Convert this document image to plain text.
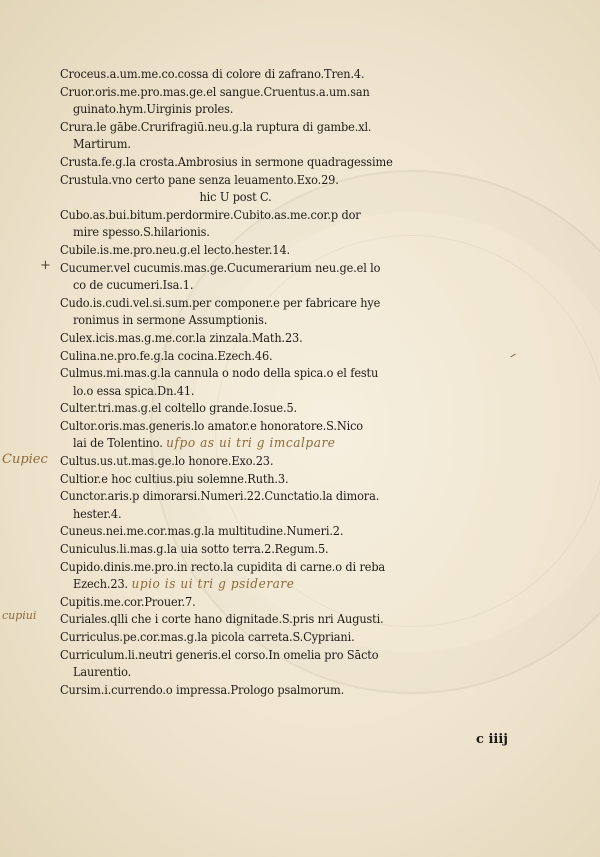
+
Cupiec
cupiui
Croceus.a.um.me.co.cossa di colore di zafrano.Tren.4.
Cruor.oris.me.pro.mas.ge.el sangue.Cruentus.a.um.san
guinato.hym.Uirginis proles.
Crura.le gābe.Crurifragiū.neu.g.la ruptura di gambe.xl.
Martirum.
Crusta.fe.g.la crosta.Ambrosius in sermone quadragessime
Crustula.vno certo pane senza leuamento.Exo.29.
hic U post C.
Cubo.as.bui.bitum.perdormire.Cubito.as.me.cor.p dor
mire spesso.S.hilarionis.
Cubile.is.me.pro.neu.g.el lecto.hester.14.
Cucumer.vel cucumis.mas.ge.Cucumerarium neu.ge.el lo
co de cucumeri.Isa.1.
Cudo.is.cudi.vel.si.sum.per componer.e per fabricare hye
ronimus in sermone Assumptionis.
Culex.icis.mas.g.me.cor.la zinzala.Math.23.
Culina.ne.pro.fe.g.la cocina.Ezech.46.
Culmus.mi.mas.g.la cannula o nodo della spica.o el festu
lo.o essa spica.Dn.41.
Culter.tri.mas.g.el coltello grande.Iosue.5.
Cultor.oris.mas.generis.lo amator.e honoratore.S.Nico
lai de Tolentino. ufpo as ui tri g imcalpare
Cultus.us.ut.mas.ge.lo honore.Exo.23.
Cultior.e hoc cultius.piu solemne.Ruth.3.
Cunctor.aris.p dimorarsi.Numeri.22.Cunctatio.la dimora.
hester.4.
Cuneus.nei.me.cor.mas.g.la multitudine.Numeri.2.
Cuniculus.li.mas.g.la uia sotto terra.2.Regum.5.
Cupido.dinis.me.pro.in recto.la cupidita di carne.o di reba
Ezech.23. upio is ui tri g psiderare
Cupitis.me.cor.Prouer.7.
Curiales.qlli che i corte hano dignitade.S.pris nri Augusti.
Curriculus.pe.cor.mas.g.la picola carreta.S.Cypriani.
Curriculum.li.neutri generis.el corso.In omelia pro Sācto
Laurentio.
Cursim.i.currendo.o impressa.Prologo psalmorum.
c iiij
